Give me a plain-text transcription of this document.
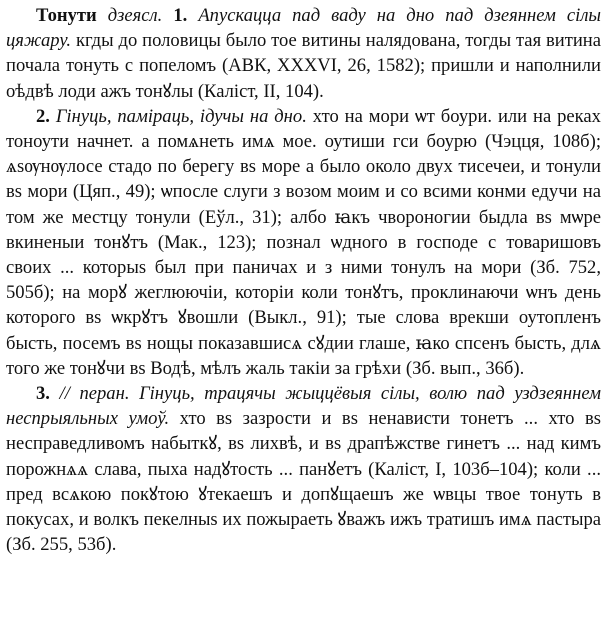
Тонути дзеясл. 1. Апускацца пад ваду на дно пад дзеяннем сілы цяжару. кгды до половицы было тое витины налядована, тогды тая витина почала тонуть с попеломъ (АВК, XXXVI, 26, 1582); пришли и наполнили оѣдвѣ лоди ажъ тонꙋлы (Каліст, II, 104).

2. Гінуць, паміраць, ідучы на дно. хто на мори ѡт боури. или на реках тоноути начнет. а помѧнеть имѧ мое. оутиши гси боурю (Чэцця, 108б); ѧѕѹнѹлосе стадо по берегу вs море а было около двух тисечеи, и тонули вs мори (Цяп., 49); ѡпосле слуги з возом моим и со всими конми едучи на том же местцу тонули (Еўл., 31); албо ꙗкъ чворонoгии быдла вs мѡре вкиненыи тонꙋтъ (Мак., 123); познал ѡдного в господе с товаришовъ своих ... которыs был при паничах и з ними тонулъ на мори (Зб. 752, 505б); на морꙋ жеглюючіи, которіи коли тонꙋтъ, проклинаючи ѡнъ день которого вs ѡкрꙋтъ ꙋвошли (Выкл., 91); тые слова врекши оутопленъ бысть, посемъ вs нощы показавшисѧ сꙋдии глаше, ꙗко спсенъ бысть, длѧ того же тонꙋчи вs Водѣ, мѣлъ жаль такіи за грѣхи (Зб. вып., 36б).

3. // перан. Гінуць, трацячы жыццёвыя сілы, волю пад уздзеяннем неспрыяльных умоў. хто вs зазрости и вs ненависти тонетъ ... хто вs несправедливомъ набыткꙋ, вs лихвѣ, и вs драпѣжстве гинетъ ... над кимъ порожнѧѧ слава, пыха надꙋтость ... панꙋетъ (Каліст, I, 103б–104); коли ... пред всѧкою покꙋтою ꙋтекаешъ и допꙋщаешъ же ѡвцы твое тонуть в покусах, и волкъ пекелныs их пожыраеть ꙋважъ ижъ тратишъ имѧ пастыра (Зб. 255, 53б).
